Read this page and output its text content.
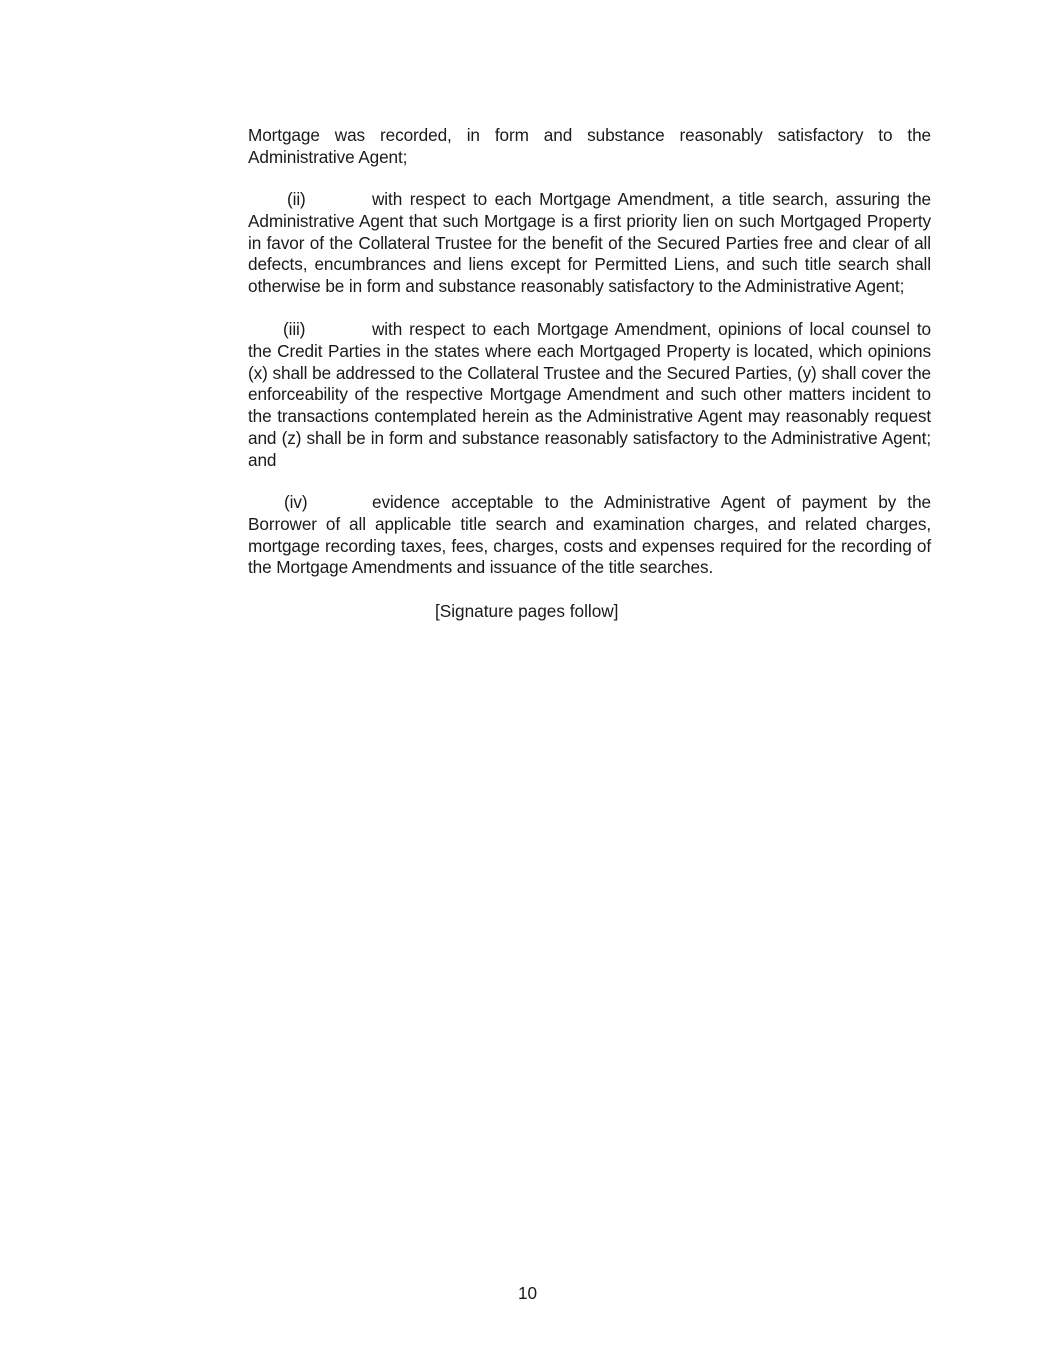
Mortgage was recorded, in form and substance reasonably satisfactory to the Administrative Agent;
(ii)	with respect to each Mortgage Amendment, a title search, assuring the Administrative Agent that such Mortgage is a first priority lien on such Mortgaged Property in favor of the Collateral Trustee for the benefit of the Secured Parties free and clear of all defects, encumbrances and liens except for Permitted Liens, and such title search shall otherwise be in form and substance reasonably satisfactory to the Administrative Agent;
(iii)	with respect to each Mortgage Amendment, opinions of local counsel to the Credit Parties in the states where each Mortgaged Property is located, which opinions (x) shall be addressed to the Collateral Trustee and the Secured Parties, (y) shall cover the enforceability of the respective Mortgage Amendment and such other matters incident to the transactions contemplated herein as the Administrative Agent may reasonably request and (z) shall be in form and substance reasonably satisfactory to the Administrative Agent; and
(iv)	evidence acceptable to the Administrative Agent of payment by the Borrower of all applicable title search and examination charges, and related charges, mortgage recording taxes, fees, charges, costs and expenses required for the recording of the Mortgage Amendments and issuance of the title searches.
[Signature pages follow]
10
